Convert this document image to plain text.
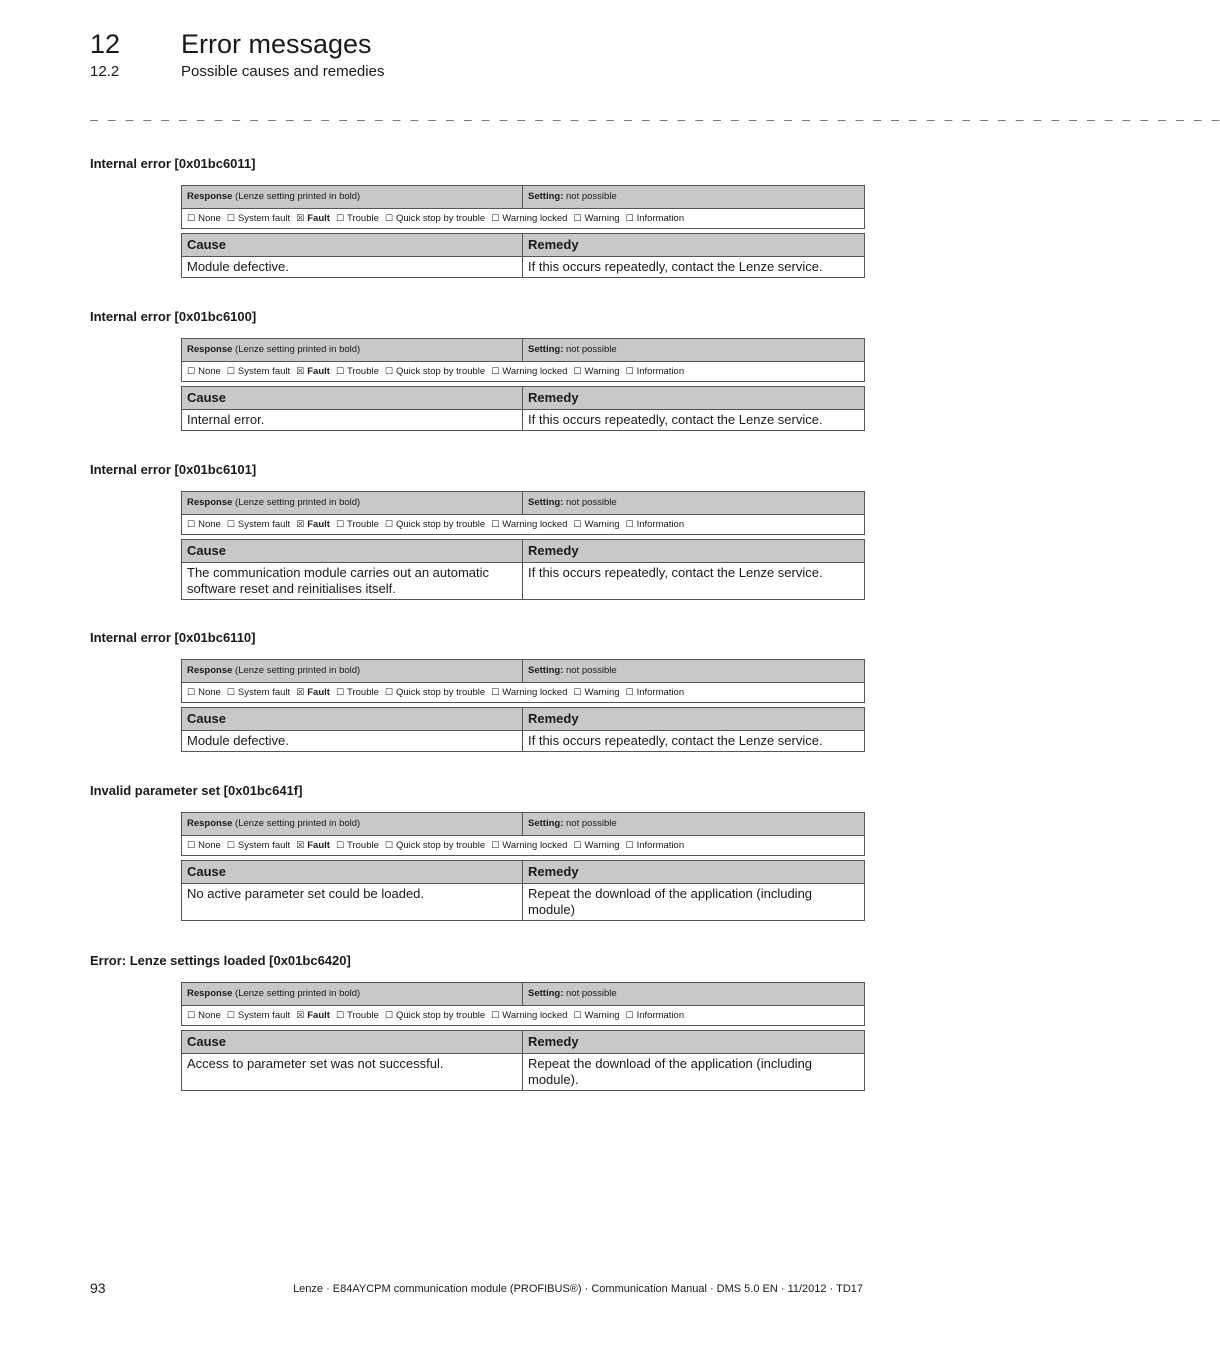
12 Error messages
12.2	Possible causes and remedies
_ _ _ _ _ _ _ _ _ _ _ _ _ _ _ _ _ _ _ _ _ _ _ _ _ _ _ _ _ _ _ _ _ _ _ _ _ _ _ _ _ _ _ _ _ _ _ _ _ _ _ _ _ _ _ _ _ _ _ _ _ _ _ _
Internal error [0x01bc6011]
Response (Lenze setting printed in bold)	Setting: not possible
☐ None ☐ System fault ☒ Fault ☐ Trouble ☐ Quick stop by trouble ☐ Warning locked ☐ Warning ☐ Information
Cause	Remedy
Module defective.	If this occurs repeatedly, contact the Lenze service.
Internal error [0x01bc6100]
Response (Lenze setting printed in bold)	Setting: not possible
☐ None ☐ System fault ☒ Fault ☐ Trouble ☐ Quick stop by trouble ☐ Warning locked ☐ Warning ☐ Information
Cause	Remedy
Internal error.	If this occurs repeatedly, contact the Lenze service.
Internal error [0x01bc6101]
Response (Lenze setting printed in bold)	Setting: not possible
☐ None ☐ System fault ☒ Fault ☐ Trouble ☐ Quick stop by trouble ☐ Warning locked ☐ Warning ☐ Information
Cause	Remedy
The communication module carries out an automatic software reset and reinitialises itself.	If this occurs repeatedly, contact the Lenze service.
Internal error [0x01bc6110]
Response (Lenze setting printed in bold)	Setting: not possible
☐ None ☐ System fault ☒ Fault ☐ Trouble ☐ Quick stop by trouble ☐ Warning locked ☐ Warning ☐ Information
Cause	Remedy
Module defective.	If this occurs repeatedly, contact the Lenze service.
Invalid parameter set [0x01bc641f]
Response (Lenze setting printed in bold)	Setting: not possible
☐ None ☐ System fault ☒ Fault ☐ Trouble ☐ Quick stop by trouble ☐ Warning locked ☐ Warning ☐ Information
Cause	Remedy
No active parameter set could be loaded.	Repeat the download of the application (including module)
Error: Lenze settings loaded [0x01bc6420]
Response (Lenze setting printed in bold)	Setting: not possible
☐ None ☐ System fault ☒ Fault ☐ Trouble ☐ Quick stop by trouble ☐ Warning locked ☐ Warning ☐ Information
Cause	Remedy
Access to parameter set was not successful.	Repeat the download of the application (including module).
93	Lenze · E84AYCPM communication module (PROFIBUS®) · Communication Manual · DMS 5.0 EN · 11/2012 · TD17
